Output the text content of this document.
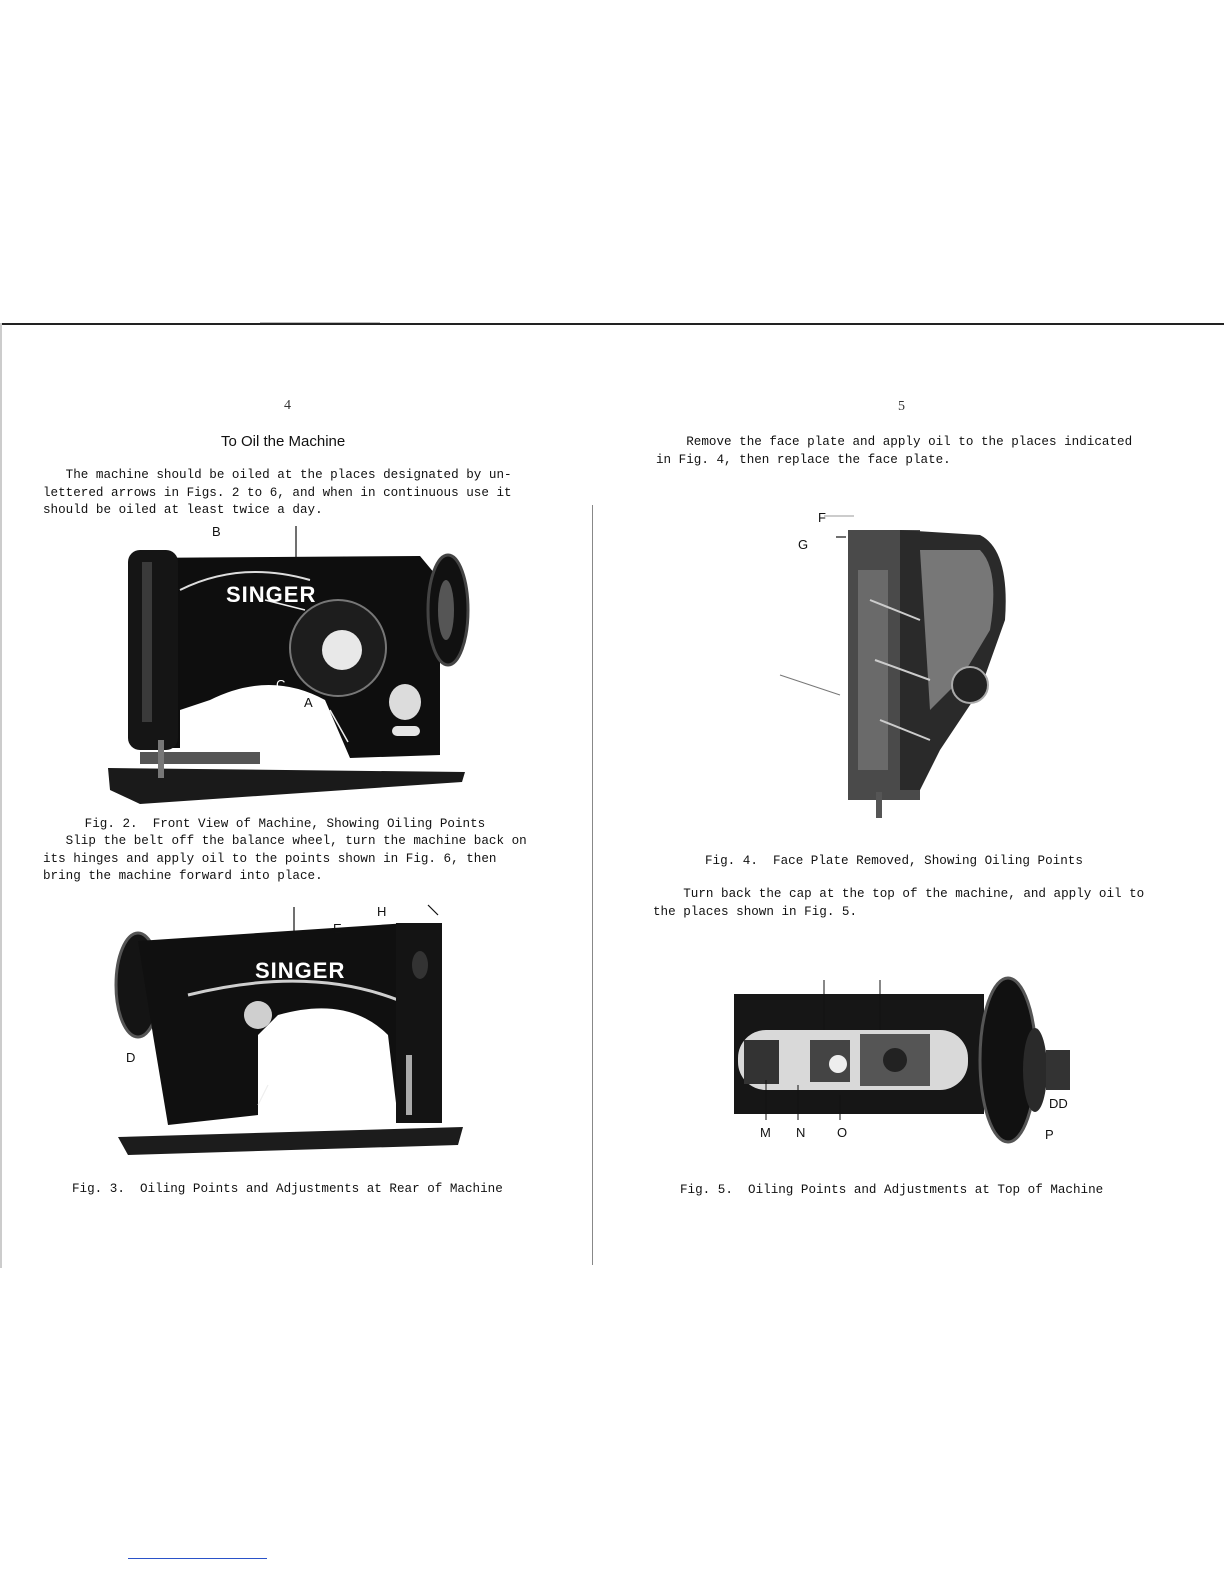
4
To Oil the Machine
The machine should be oiled at the places designated by un-
lettered arrows in Figs. 2 to 6, and when in continuous use it
should be oiled at least twice a day.
SINGER
B
C
A
Fig. 2.  Front View of Machine, Showing Oiling Points
Slip the belt off the balance wheel, turn the machine back on
its hinges and apply oil to the points shown in Fig. 6, then
bring the machine forward into place.
SINGER
H
E
D	L
Fig. 3.  Oiling Points and Adjustments at Rear of Machine
5
Remove the face plate and apply oil to the places indicated
in Fig. 4, then replace the face plate.
F
G
Fig. 4.  Face Plate Removed, Showing Oiling Points
Turn back the cap at the top of the machine, and apply oil to
the places shown in Fig. 5.
M N O
DD
P
Fig. 5.  Oiling Points and Adjustments at Top of Machine
